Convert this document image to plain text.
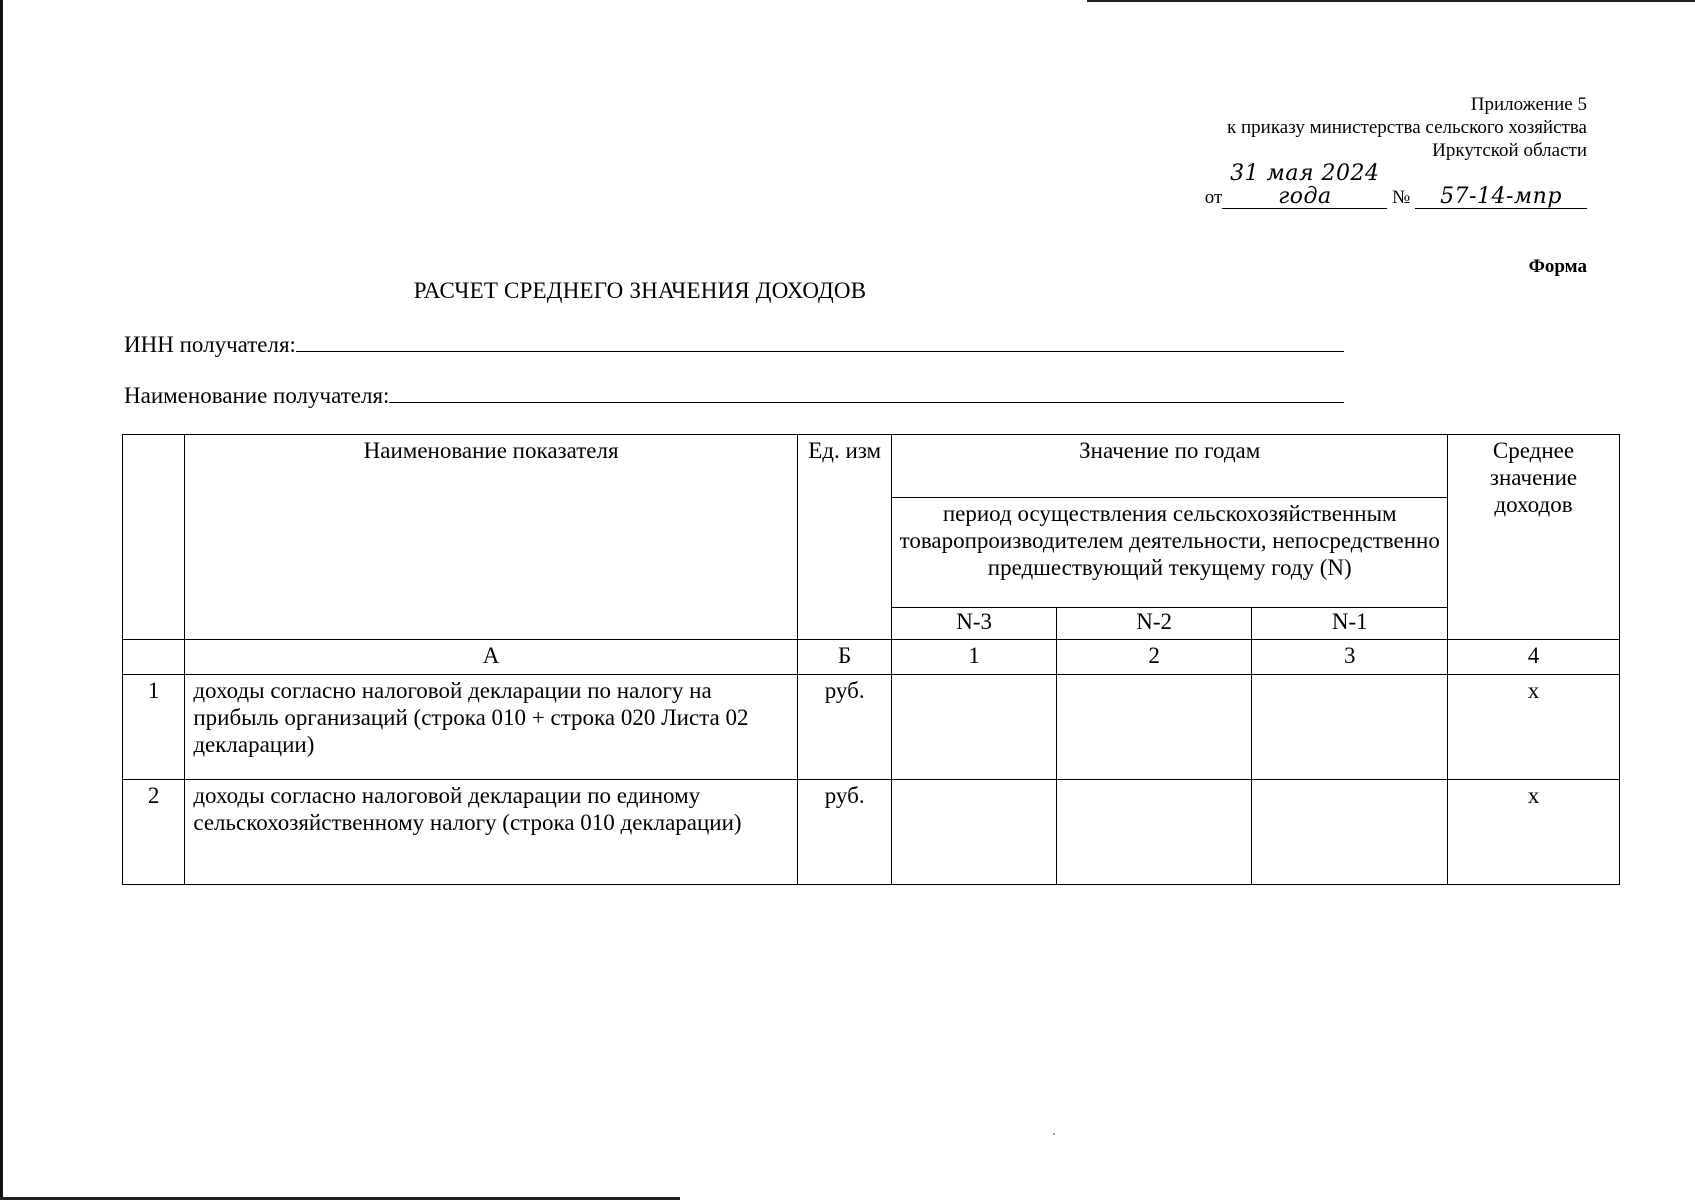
Приложение 5
к приказу министерства сельского хозяйства
Иркутской области
от31 мая 2024 года	№ 57-14-мпр
Форма
РАСЧЕТ СРЕДНЕГО ЗНАЧЕНИЯ ДОХОДОВ
ИНН получателя:
Наименование получателя:
	Наименование показателя	Ед. изм	Значение по годам			Среднее значение доходов
			период осуществления сельскохозяйственным товаропроизводителем деятельности, непосредственно предшествующий текущему году (N)			
			N-3	N-2	N-1	
	А	Б	1	2	3	4
1	доходы согласно налоговой декларации по налогу на прибыль организаций (строка 010 + строка 020 Листа 02 декларации)	руб.				x
2	доходы согласно налоговой декларации по единому сельскохозяйственному налогу (строка 010 декларации)	руб.				x
